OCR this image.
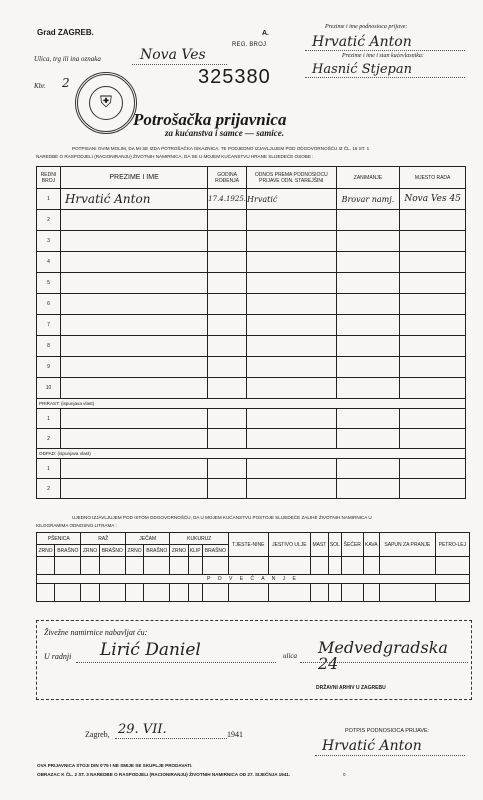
Grad ZAGREB.	A.
REG. BROJ
Prezime i ime podnosioca prijave:
Hrvatić Anton
Prezime i ime i stan kućevlasnika:
Hasnić Stjepan
Ulica, trg ili ina oznaka	Nova Ves
Kbr. 2	325380
⛨
Potrošačka prijavnica
za kućanstva i samce — samice.
POTPISANI OVIM MOLIM, DA MI SE IZDA POTROŠAČKA ISKAZNICA, TE PODJEDNO IZJAVLJUJEM POD ODGOVORNOŠĆU IZ ČL. 18 ST. 1
NAREDBE O RASPODJELI (RACIONIRANJU) ŽIVOTNIH NAMIRNICA, DA SE U MOJEM KUĆANSTVU HRANE SLIJEDEĆE OSOBE :
REDNI BROJ	PREZIME I IME	GODINA ROĐENJA	ODNOS PREMA PODNOSIOCU PRIJAVE ODN. STAREJŠINI	ZANIMANJE	MJESTO RADA
1	Hrvatić Anton	17.4.1925.	Hrvatić	Brovar namj.	Nova Ves 45
2					
3					
4					
5					
6					
7					
8					
9					
10					
PRIRAST: (ispunjava vlast)					
1					
2					
ODPAD: (ispunjava vlast)					
1					
2					
UJEDNO IZJAVLJUJEM POD ISTOM ODGOVORNOŠĆU, DA U MOJEM KUĆANSTVU POSTOJE SLIJEDEĆE ZALIHE ŽIVOTNIH NAMIRNICA U
KILOGRAMIMA ODNOSNO LITRAMA :
PŠENICA		RAŽ		JEČAM		KUKURUZ			TJESTE-NINE	JESTIVO ULJE	MAST	SOL	ŠEĆER	KAVA	SAPUN ZA PRANJE	PETRO-LEJ
ZRNO	BRAŠNO	ZRNO	BRAŠNO	ZRNO	BRAŠNO	ZRNO	KLIP	BRAŠNO								

P O V E Ć A N J E																

Živežne namirnice nabavljat ću:
U radnji Lirić Daniel	ulica Medvedgradska 24
DRŽAVNI ARHIV U ZAGREBU
Zagreb, 29. VII.	1941	POTPIS PODNOSIOCA PRIJAVE:
Hrvatić Anton
OVA PRIJAVNICA STOJI DIN 0'75 I NE SMIJE SE SKUPLJE PRODAVATI.
OBRAZAC K ČL. 2 ST. 3 NAREDBE O RASPODJELI (RACIONIRANJU) ŽIVOTNIH NAMIRNICA OD 27. SIJEČNJA 1941.	0
